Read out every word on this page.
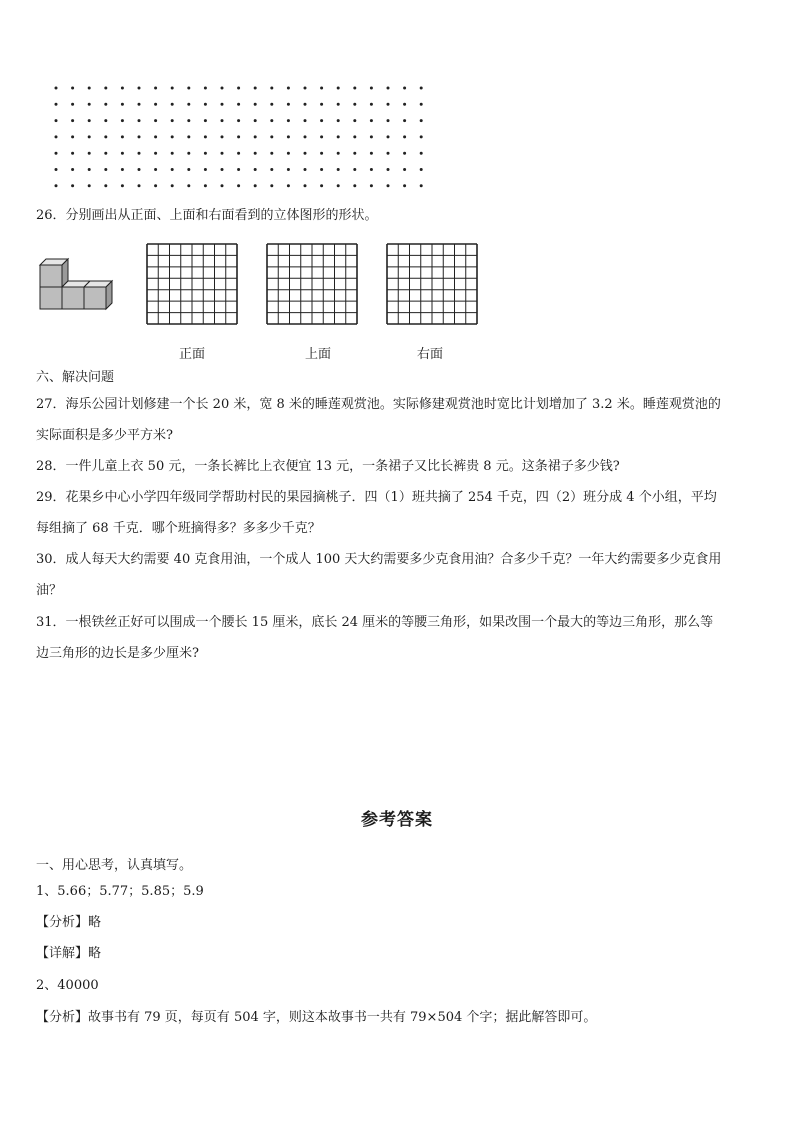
26．分别画出从正面、上面和右面看到的立体图形的形状。
正面	上面	右面
六、解决问题
27．海乐公园计划修建一个长 20 米，宽 8 米的睡莲观赏池。实际修建观赏池时宽比计划增加了 3.2 米。睡莲观赏池的
实际面积是多少平方米?
28．一件儿童上衣 50 元，一条长裤比上衣便宜 13 元，一条裙子又比长裤贵 8 元。这条裙子多少钱?
29．花果乡中心小学四年级同学帮助村民的果园摘桃子．四（1）班共摘了 254 千克，四（2）班分成 4 个小组，平均
每组摘了 68 千克．哪个班摘得多？多多少千克？
30．成人每天大约需要 40 克食用油，一个成人 100 天大约需要多少克食用油？合多少千克？一年大约需要多少克食用
油？
31．一根铁丝正好可以围成一个腰长 15 厘米，底长 24 厘米的等腰三角形，如果改围一个最大的等边三角形，那么等
边三角形的边长是多少厘米?
参考答案
一、用心思考，认真填写。
1、5.66；5.77；5.85；5.9
【分析】略
【详解】略
2、40000
【分析】故事书有 79 页，每页有 504 字，则这本故事书一共有 79×504 个字；据此解答即可。
